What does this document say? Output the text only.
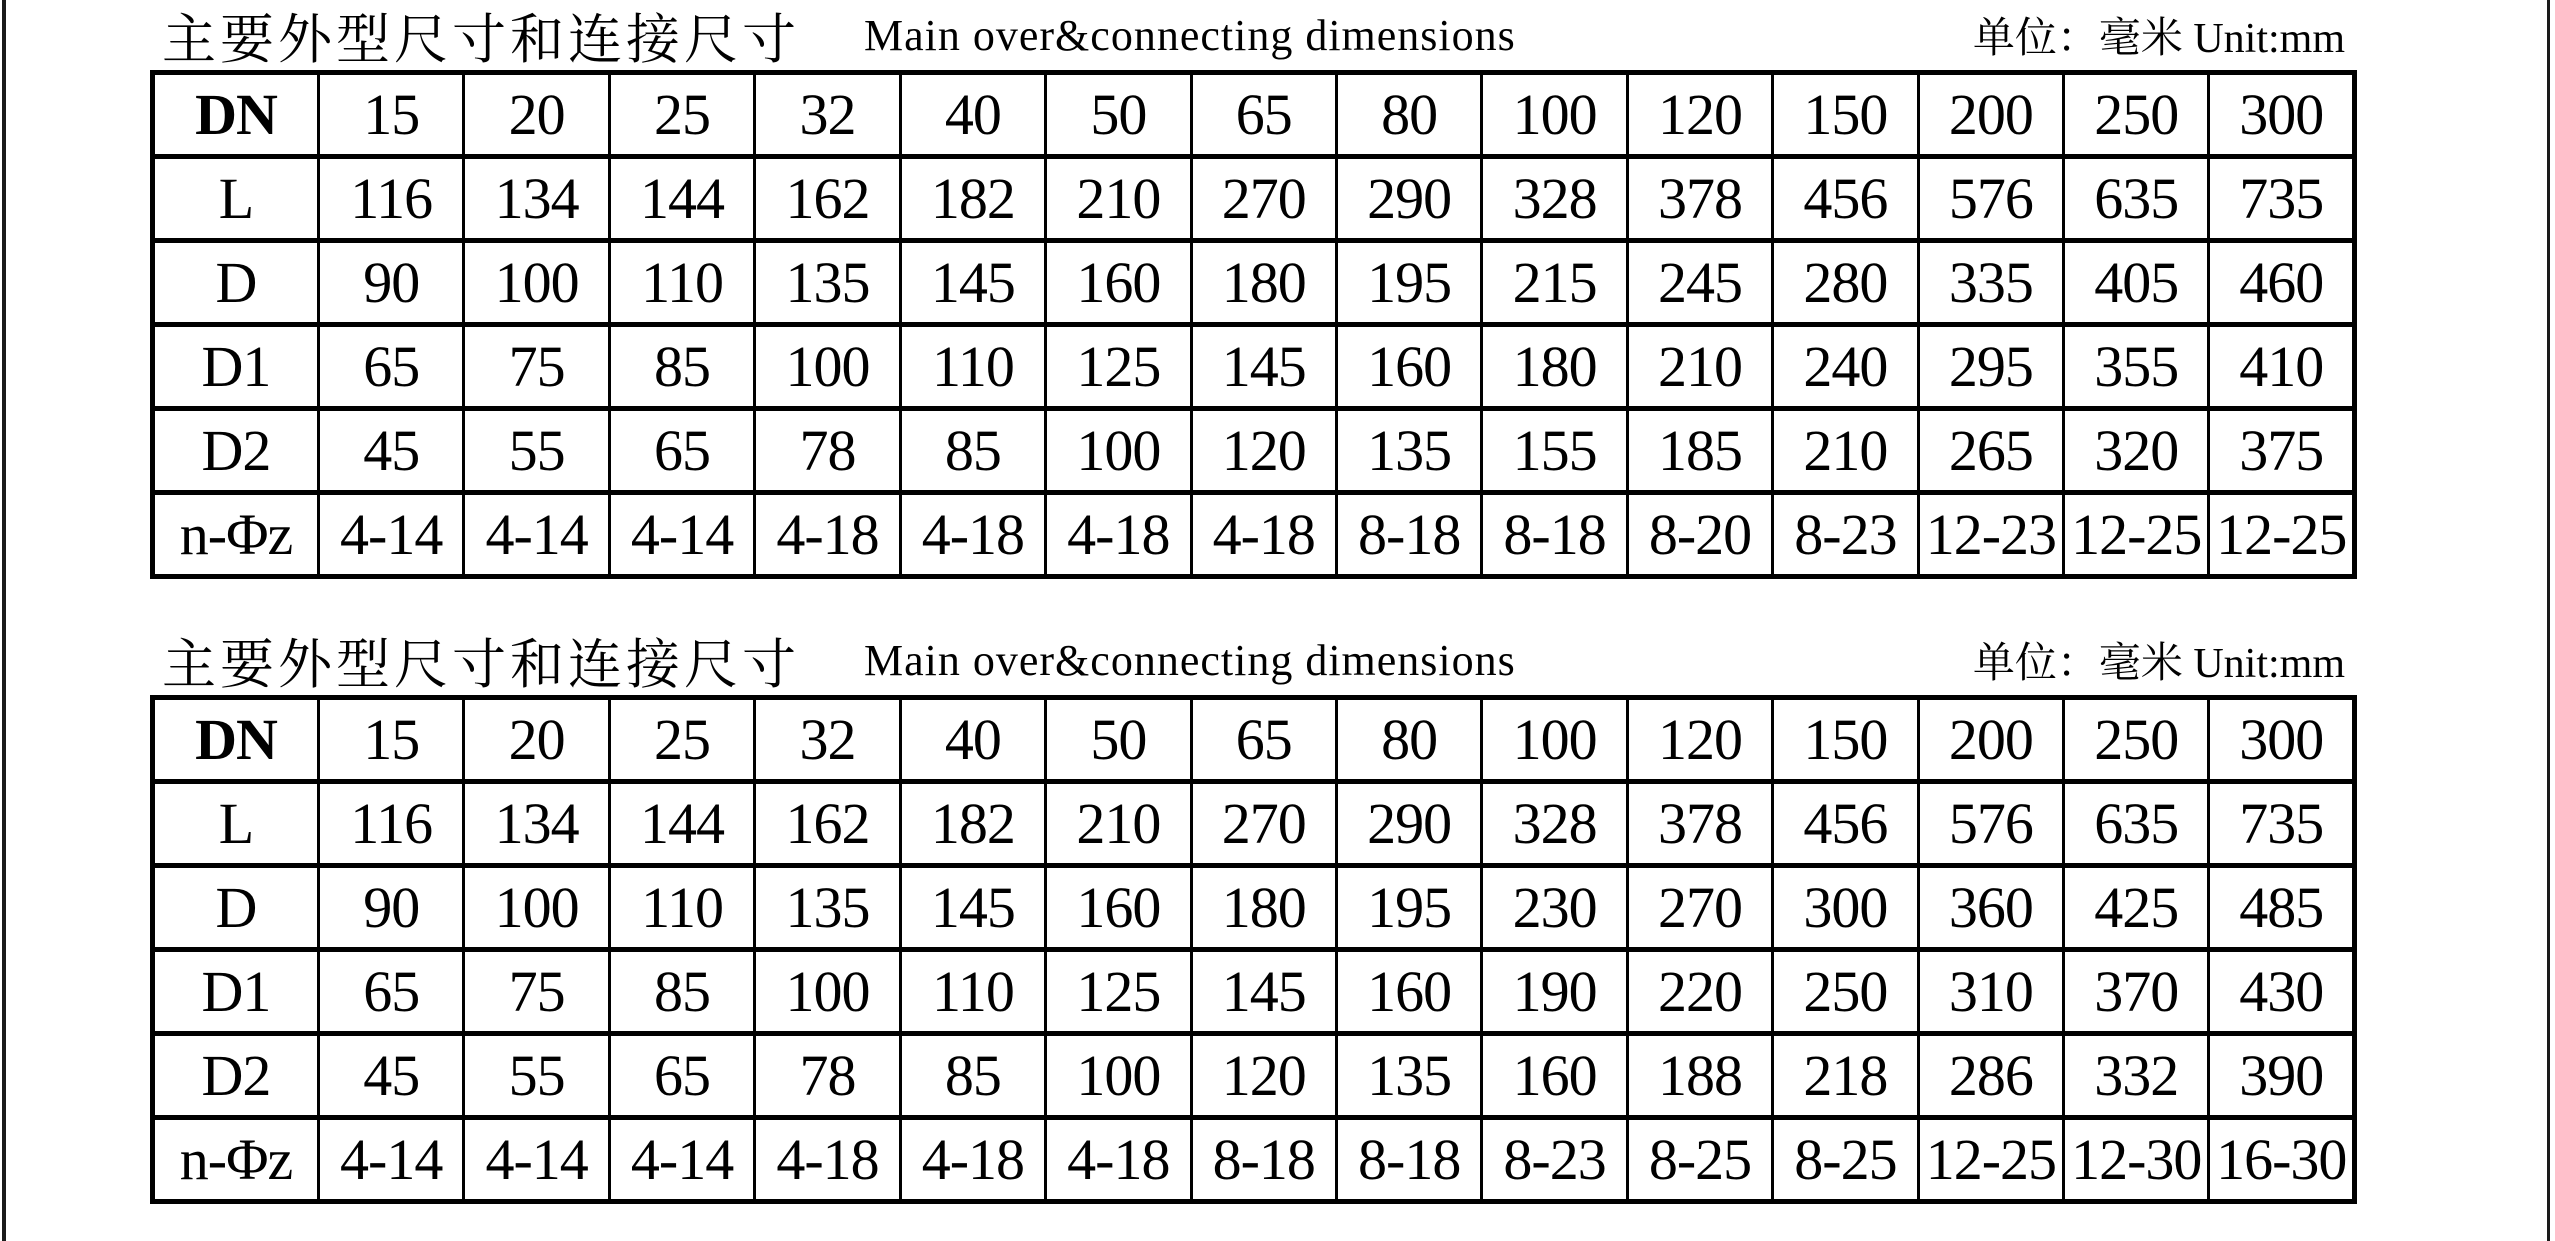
主要外型尺寸和连接尺寸 Main over&connecting dimensions	单位：毫米 Unit:mm
DN	15	20	25	32	40	50	65	80	100	120	150	200	250	300
L	116	134	144	162	182	210	270	290	328	378	456	576	635	735
D	90	100	110	135	145	160	180	195	215	245	280	335	405	460
D1	65	75	85	100	110	125	145	160	180	210	240	295	355	410
D2	45	55	65	78	85	100	120	135	155	185	210	265	320	375
n-Φz	4-14	4-14	4-14	4-18	4-18	4-18	4-18	8-18	8-18	8-20	8-23	12-23	12-25	12-25
主要外型尺寸和连接尺寸 Main over&connecting dimensions	单位：毫米 Unit:mm
DN	15	20	25	32	40	50	65	80	100	120	150	200	250	300
L	116	134	144	162	182	210	270	290	328	378	456	576	635	735
D	90	100	110	135	145	160	180	195	230	270	300	360	425	485
D1	65	75	85	100	110	125	145	160	190	220	250	310	370	430
D2	45	55	65	78	85	100	120	135	160	188	218	286	332	390
n-Φz	4-14	4-14	4-14	4-18	4-18	4-18	8-18	8-18	8-23	8-25	8-25	12-25	12-30	16-30
